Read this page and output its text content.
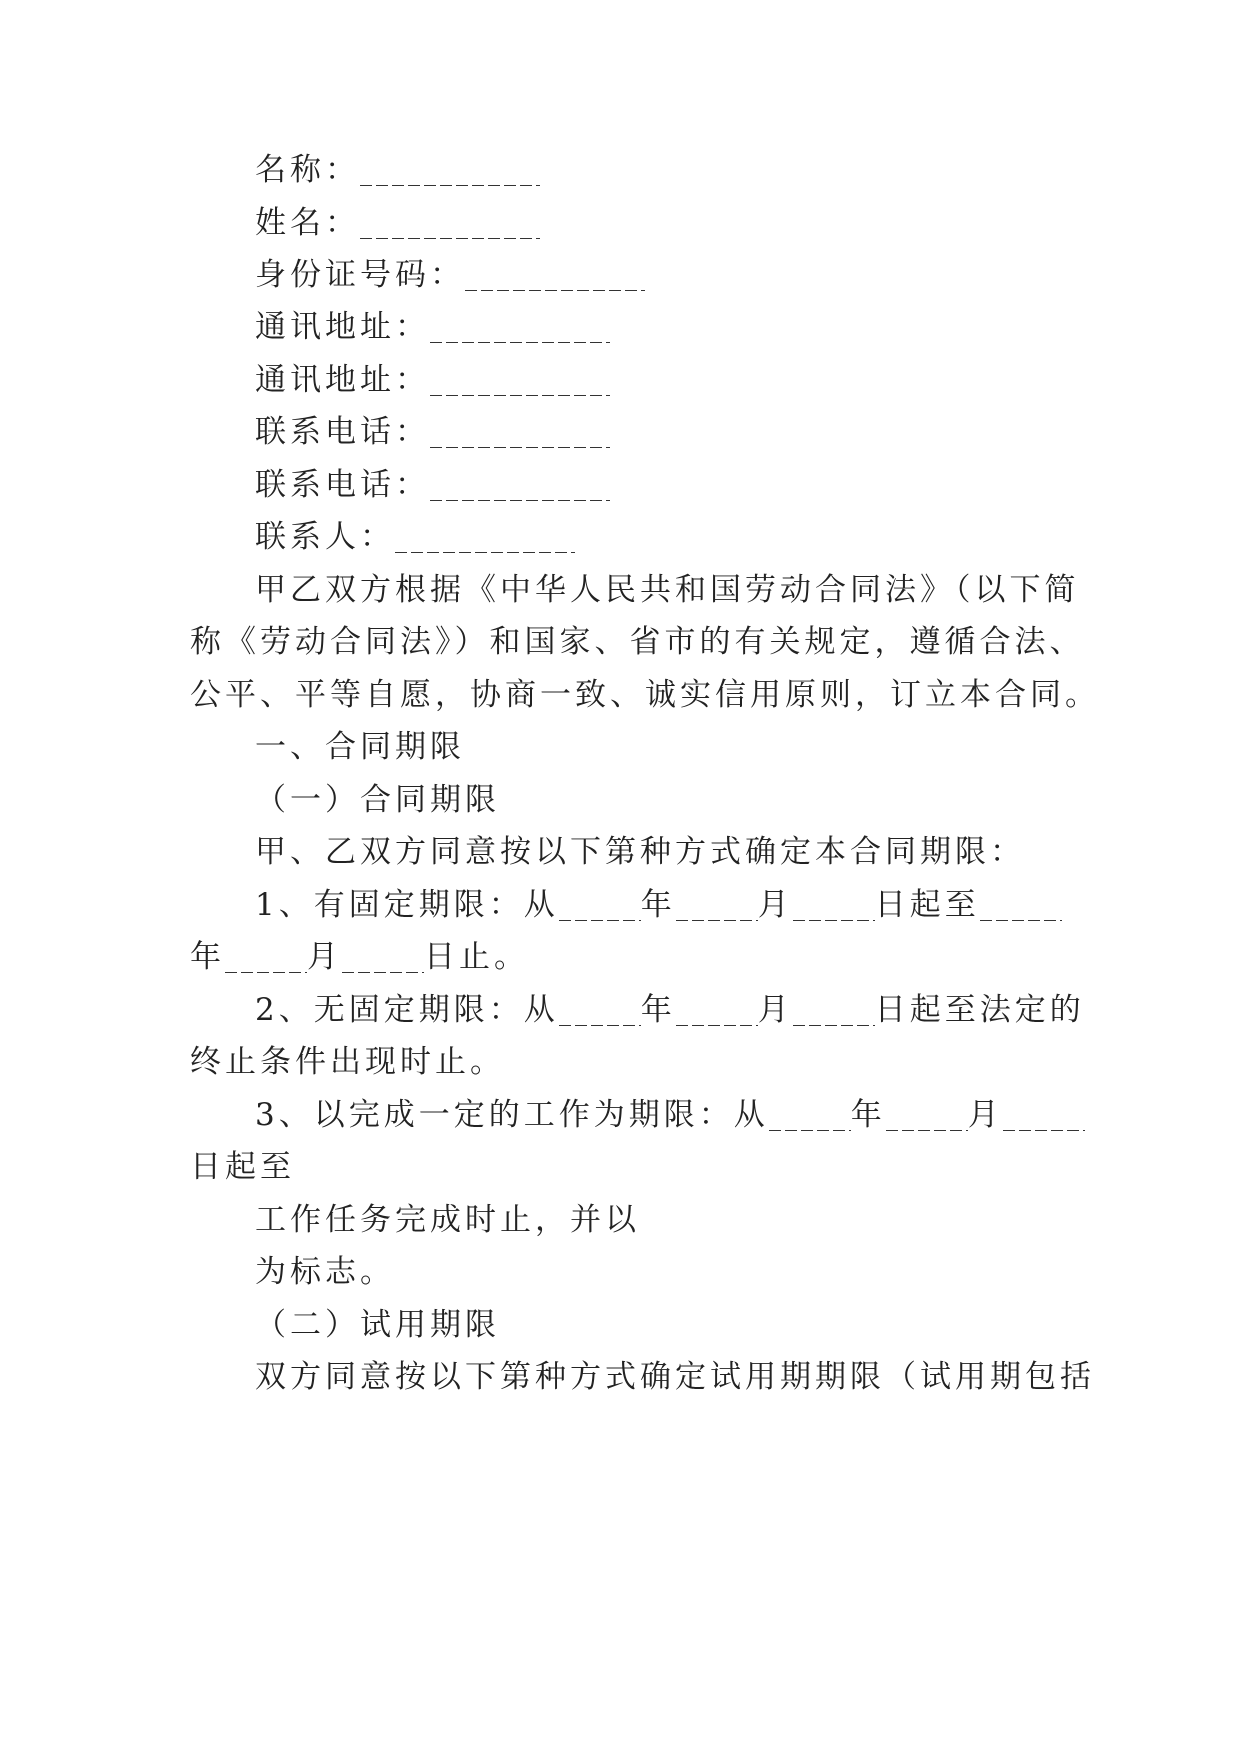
名称：
姓名：
身份证号码：
通讯地址：
通讯地址：
联系电话：
联系电话：
联系人：
甲乙双方根据《中华人民共和国劳动合同法》（以下简
称《劳动合同法》）和国家、省市的有关规定，遵循合法、
公平、平等自愿，协商一致、诚实信用原则，订立本合同。
一、合同期限
（一）合同期限
甲、乙双方同意按以下第种方式确定本合同期限：
1、有固定期限：从	年	月	日起至
年	月	日止。
2、无固定期限：从	年	月	日起至法定的
终止条件出现时止。
3、以完成一定的工作为期限：从	年	月
日起至
工作任务完成时止，并以
为标志。
（二）试用期限
双方同意按以下第种方式确定试用期期限（试用期包括
